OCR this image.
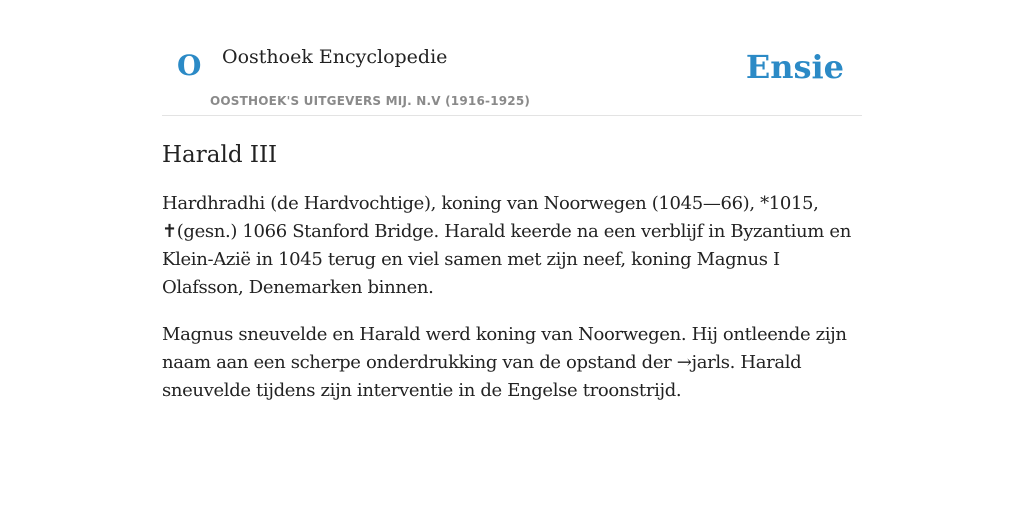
O Oosthoek Encyclopedie
OOSTHOEK'S UITGEVERS MIJ. N.V (1916-1925)
Ensie
Harald III

Hardhradhi (de Hardvochtige), koning van Noorwegen (1045—66), *1015, ✝(gesn.) 1066 Stanford Bridge. Harald keerde na een verblijf in Byzantium en Klein-Azië in 1045 terug en viel samen met zijn neef, koning Magnus I Olafsson, Denemarken binnen.

Magnus sneuvelde en Harald werd koning van Noorwegen. Hij ontleende zijn naam aan een scherpe onderdrukking van de opstand der →jarls. Harald sneuvelde tijdens zijn interventie in de Engelse troonstrijd.
